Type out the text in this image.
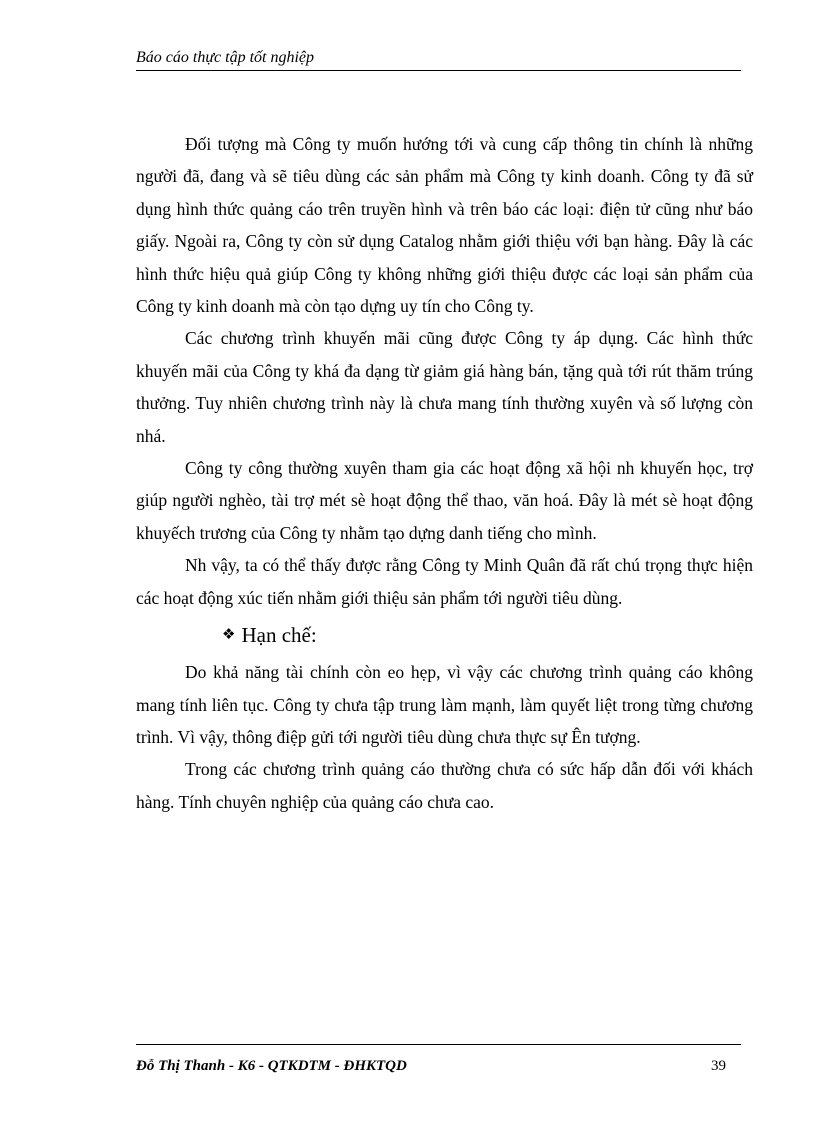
Báo cáo thực tập tốt nghiệp

Đối tượng mà Công ty muốn hướng tới và cung cấp thông tin chính là những người đã, đang và sẽ tiêu dùng các sản phẩm mà Công ty kinh doanh. Công ty đã sử dụng hình thức quảng cáo trên truyền hình và trên báo các loại: điện tử cũng như báo giấy. Ngoài ra, Công ty còn sử dụng Catalog nhằm giới thiệu với bạn hàng. Đây là các hình thức hiệu quả giúp Công ty không những giới thiệu được các loại sản phẩm của Công ty kinh doanh mà còn tạo dựng uy tín cho Công ty.

Các chương trình khuyến mãi cũng được Công ty áp dụng. Các hình thức khuyến mãi của Công ty khá đa dạng từ giảm giá hàng bán, tặng quà tới rút thăm trúng thưởng. Tuy nhiên chương trình này là chưa mang tính thường xuyên và số lượng còn nhá.

Công ty công thường xuyên tham gia các hoạt động xã hội nh khuyến học, trợ giúp người nghèo, tài trợ mét sè hoạt động thể thao, văn hoá. Đây là mét sè hoạt động khuyếch trương của Công ty nhằm tạo dựng danh tiếng cho mình.

Nh vậy, ta có thể thấy được rằng Công ty Minh Quân đã rất chú trọng thực hiện các hoạt động xúc tiến nhằm giới thiệu sản phẩm tới người tiêu dùng.

❖ Hạn chế:

Do khả năng tài chính còn eo hẹp, vì vậy các chương trình quảng cáo không mang tính liên tục. Công ty chưa tập trung làm mạnh, làm quyết liệt trong từng chương trình. Vì vậy, thông điệp gửi tới người tiêu dùng chưa thực sự Ên tượng.

Trong các chương trình quảng cáo thường chưa có sức hấp dẫn đối với khách hàng. Tính chuyên nghiệp của quảng cáo chưa cao.

Đỗ Thị Thanh - K6 - QTKDTM - ĐHKTQD	39
